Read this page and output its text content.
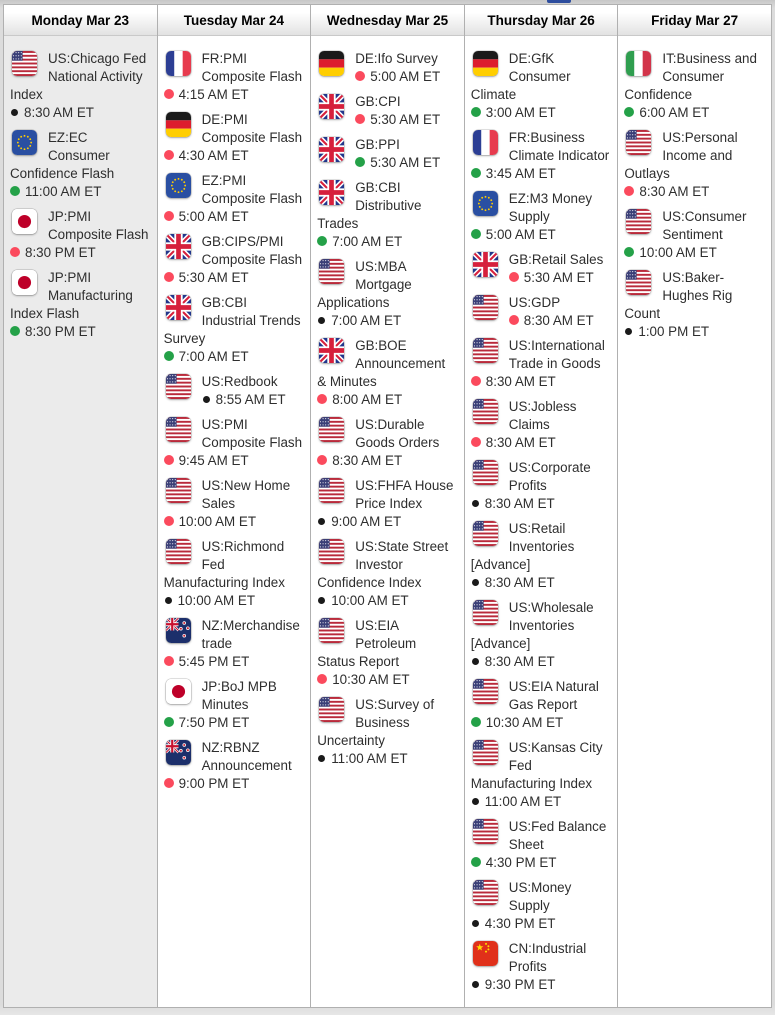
Monday Mar 23
US:Chicago Fed National Activity Index
8:30 AM ET
EZ:EC Consumer Confidence Flash
11:00 AM ET
JP:PMI Composite Flash
8:30 PM ET
JP:PMI Manufacturing Index Flash
8:30 PM ET
Tuesday Mar 24
FR:PMI Composite Flash
4:15 AM ET
DE:PMI Composite Flash
4:30 AM ET
EZ:PMI Composite Flash
5:00 AM ET
GB:CIPS/PMI Composite Flash
5:30 AM ET
GB:CBI Industrial Trends Survey
7:00 AM ET
US:Redbook
8:55 AM ET
US:PMI Composite Flash
9:45 AM ET
US:New Home Sales
10:00 AM ET
US:Richmond Fed Manufacturing Index
10:00 AM ET
NZ:Merchandise trade
5:45 PM ET
JP:BoJ MPB Minutes
7:50 PM ET
NZ:RBNZ Announcement
9:00 PM ET
Wednesday Mar 25
DE:Ifo Survey
5:00 AM ET
GB:CPI
5:30 AM ET
GB:PPI
5:30 AM ET
GB:CBI Distributive Trades
7:00 AM ET
US:MBA Mortgage Applications
7:00 AM ET
GB:BOE Announcement & Minutes
8:00 AM ET
US:Durable Goods Orders
8:30 AM ET
US:FHFA House Price Index
9:00 AM ET
US:State Street Investor Confidence Index
10:00 AM ET
US:EIA Petroleum Status Report
10:30 AM ET
US:Survey of Business Uncertainty
11:00 AM ET
Thursday Mar 26
DE:GfK Consumer Climate
3:00 AM ET
FR:Business Climate Indicator
3:45 AM ET
EZ:M3 Money Supply
5:00 AM ET
GB:Retail Sales
5:30 AM ET
US:GDP
8:30 AM ET
US:International Trade in Goods
8:30 AM ET
US:Jobless Claims
8:30 AM ET
US:Corporate Profits
8:30 AM ET
US:Retail Inventories [Advance]
8:30 AM ET
US:Wholesale Inventories [Advance]
8:30 AM ET
US:EIA Natural Gas Report
10:30 AM ET
US:Kansas City Fed Manufacturing Index
11:00 AM ET
US:Fed Balance Sheet
4:30 PM ET
US:Money Supply
4:30 PM ET
CN:Industrial Profits
9:30 PM ET
Friday Mar 27
IT:Business and Consumer Confidence
6:00 AM ET
US:Personal Income and Outlays
8:30 AM ET
US:Consumer Sentiment
10:00 AM ET
US:Baker-Hughes Rig Count
1:00 PM ET
